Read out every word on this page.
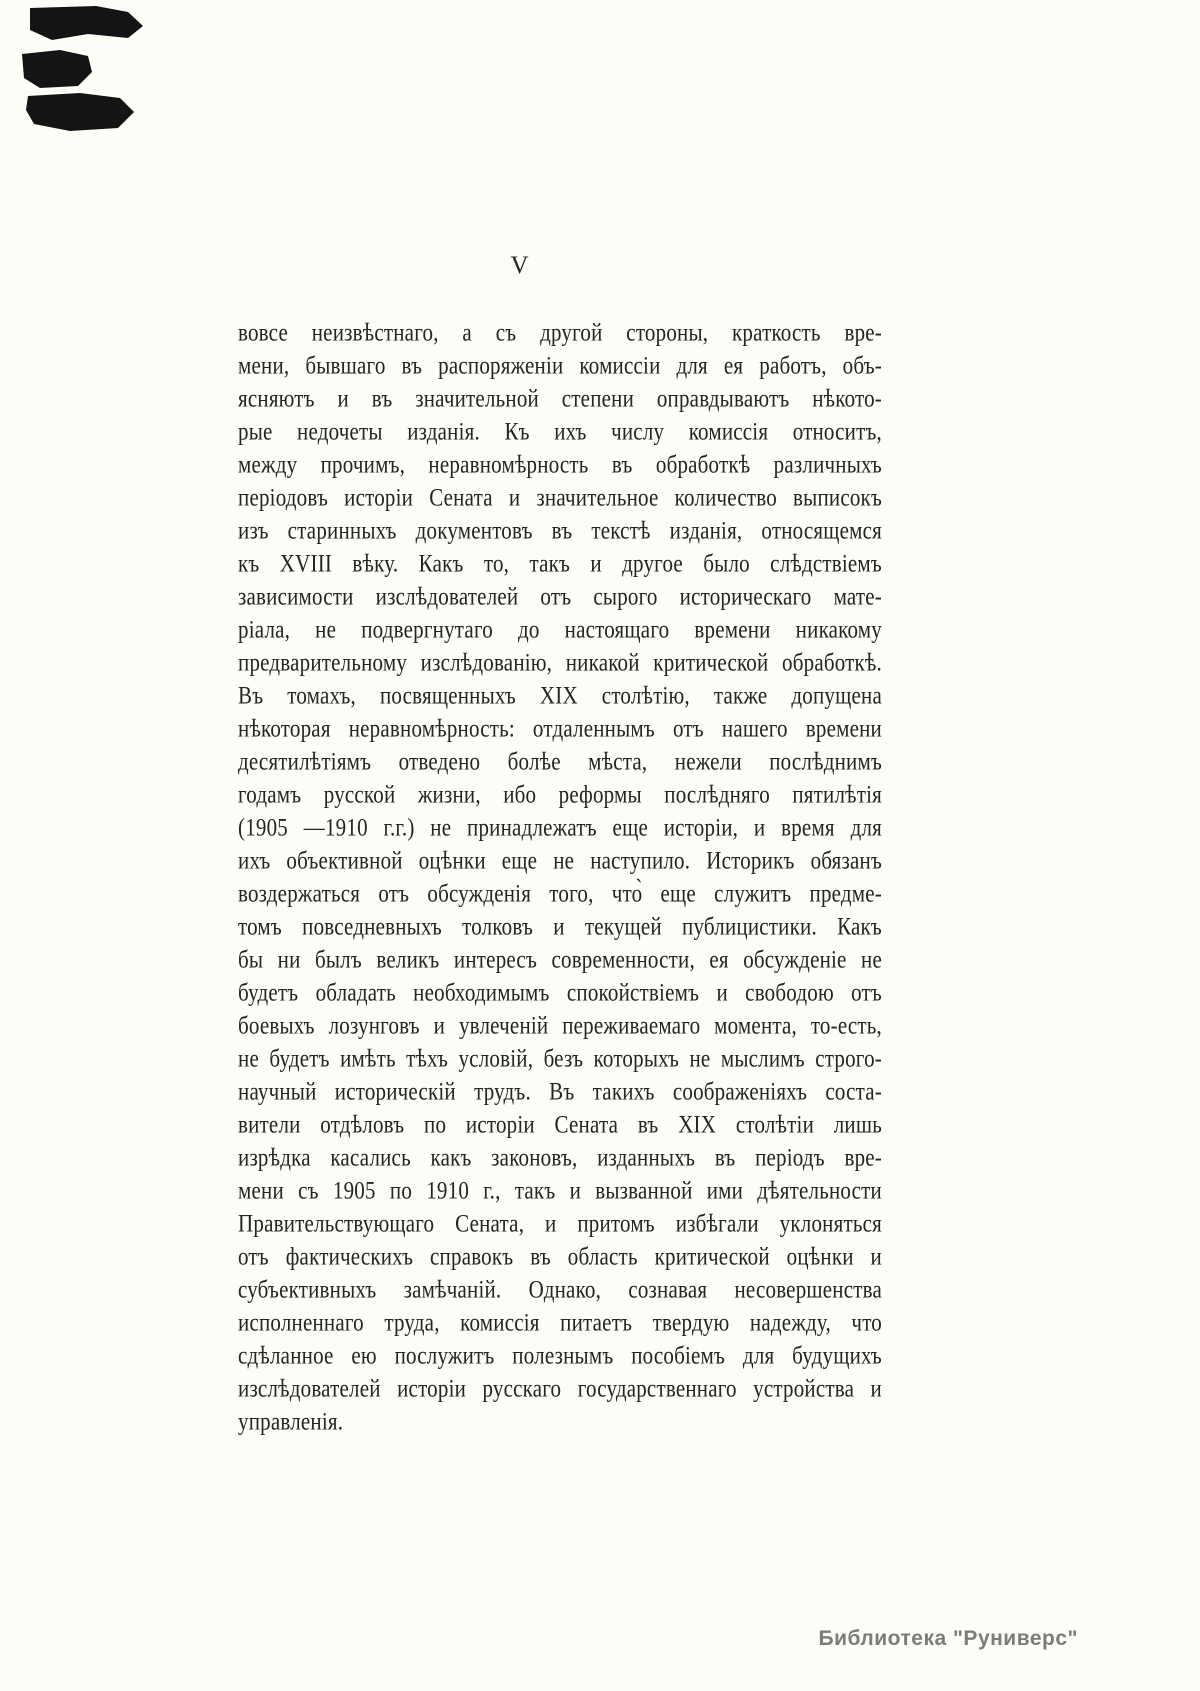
V
вовсе неизвѣстнаго, а съ другой стороны, краткость вре-
мени, бывшаго въ распоряженіи комиссіи для ея работъ, объ-
ясняютъ и въ значительной степени оправдываютъ нѣкото-
рые недочеты изданія. Къ ихъ числу комиссія относитъ,
между прочимъ, неравномѣрность въ обработкѣ различныхъ
періодовъ исторіи Сената и значительное количество выписокъ
изъ старинныхъ документовъ въ текстѣ изданія, относящемся
къ XVIII вѣку. Какъ то, такъ и другое было слѣдствіемъ
зависимости изслѣдователей отъ сырого историческаго мате-
ріала, не подвергнутаго до настоящаго времени никакому
предварительному изслѣдованію, никакой критической обработкѣ.
Въ томахъ, посвященныхъ XIX столѣтію, также допущена
нѣкоторая неравномѣрность: отдаленнымъ отъ нашего времени
десятилѣтіямъ отведено болѣе мѣста, нежели послѣднимъ
годамъ русской жизни, ибо реформы послѣдняго пятилѣтія
(1905 —1910 г.г.) не принадлежатъ еще исторіи, и время для
ихъ объективной оцѣнки еще не наступило. Историкъ обязанъ
воздержаться отъ обсужденія того, что̀ еще служитъ предме-
томъ повседневныхъ толковъ и текущей публицистики. Какъ
бы ни былъ великъ интересъ современности, ея обсужденіе не
будетъ обладать необходимымъ спокойствіемъ и свободою отъ
боевыхъ лозунговъ и увлеченій переживаемаго момента, то-есть,
не будетъ имѣть тѣхъ условій, безъ которыхъ не мыслимъ строго-
научный историческій трудъ. Въ такихъ соображеніяхъ соста-
вители отдѣловъ по исторіи Сената въ XIX столѣтіи лишь
изрѣдка касались какъ законовъ, изданныхъ въ періодъ вре-
мени съ 1905 по 1910 г., такъ и вызванной ими дѣятельности
Правительствующаго Сената, и притомъ избѣгали уклоняться
отъ фактическихъ справокъ въ область критической оцѣнки и
субъективныхъ замѣчаній. Однако, сознавая несовершенства
исполненнаго труда, комиссія питаетъ твердую надежду, что
сдѣланное ею послужитъ полезнымъ пособіемъ для будущихъ
изслѣдователей исторіи русскаго государственнаго устройства и
управленія.
Библиотека "Руниверс"
